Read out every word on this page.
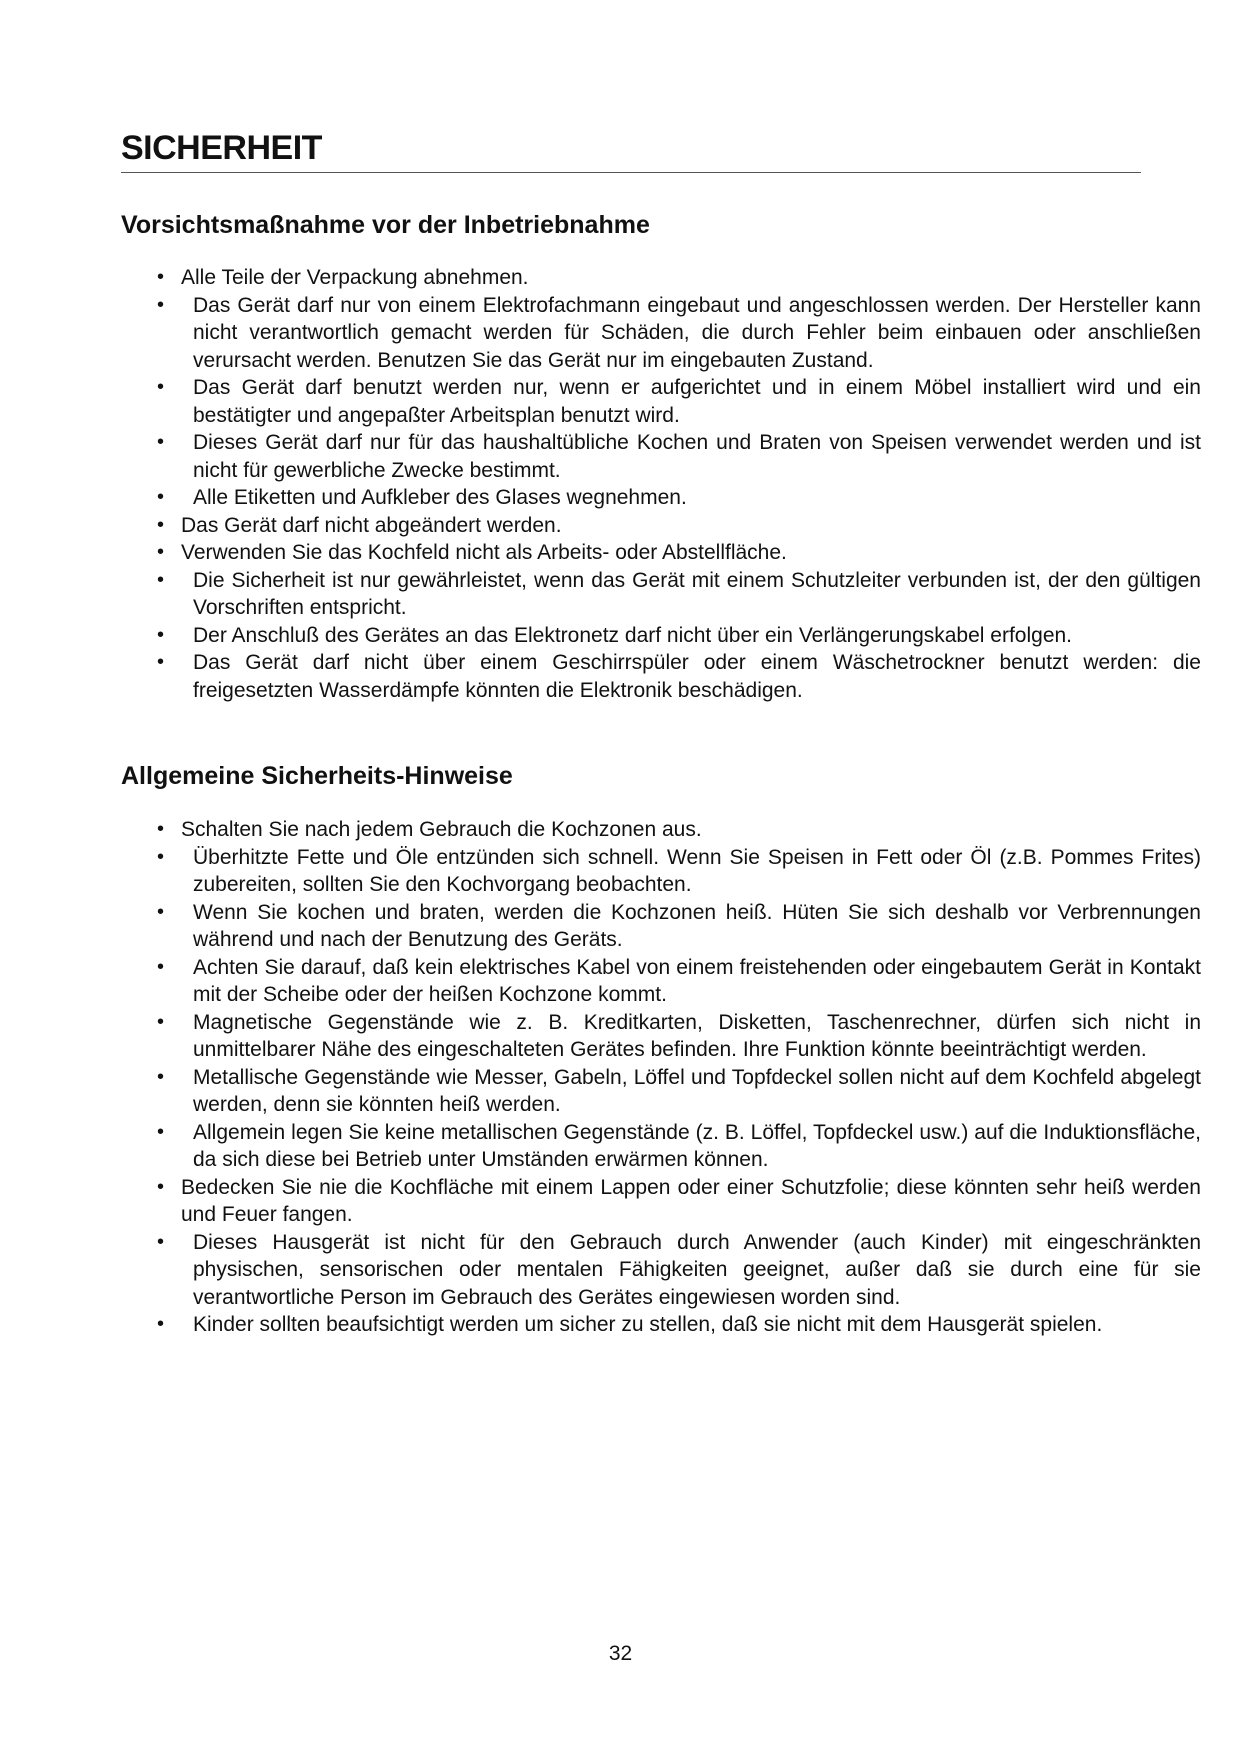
SICHERHEIT
Vorsichtsmaßnahme vor der Inbetriebnahme
• Alle Teile der Verpackung abnehmen.
• Das Gerät darf nur von einem Elektrofachmann eingebaut und angeschlossen werden. Der Hersteller kann nicht verantwortlich gemacht werden für Schäden, die durch Fehler beim einbauen oder anschließen verursacht werden. Benutzen Sie das Gerät nur im eingebauten Zustand.
• Das Gerät darf benutzt werden nur, wenn er aufgerichtet und in einem Möbel installiert wird und ein bestätigter und angepaßter Arbeitsplan benutzt wird.
• Dieses Gerät darf nur für das haushaltübliche Kochen und Braten von Speisen verwendet werden und ist nicht für gewerbliche Zwecke bestimmt.
• Alle Etiketten und Aufkleber des Glases wegnehmen.
• Das Gerät darf nicht abgeändert werden.
• Verwenden Sie das Kochfeld nicht als Arbeits- oder Abstellfläche.
• Die Sicherheit ist nur gewährleistet, wenn das Gerät mit einem Schutzleiter verbunden ist, der den gültigen Vorschriften entspricht.
• Der Anschluß des Gerätes an das Elektronetz darf nicht über ein Verlängerungskabel erfolgen.
• Das Gerät darf nicht über einem Geschirrspüler oder einem Wäschetrockner benutzt werden: die freigesetzten Wasserdämpfe könnten die Elektronik beschädigen.
Allgemeine Sicherheits-Hinweise
• Schalten Sie nach jedem Gebrauch die Kochzonen aus.
• Überhitzte Fette und Öle entzünden sich schnell. Wenn Sie Speisen in Fett oder Öl (z.B. Pommes Frites) zubereiten, sollten Sie den Kochvorgang beobachten.
• Wenn Sie kochen und braten, werden die Kochzonen heiß. Hüten Sie sich deshalb vor Verbrennungen während und nach der Benutzung des Geräts.
• Achten Sie darauf, daß kein elektrisches Kabel von einem freistehenden oder eingebautem Gerät in Kontakt mit der Scheibe oder der heißen Kochzone kommt.
• Magnetische Gegenstände wie z. B. Kreditkarten, Disketten, Taschenrechner, dürfen sich nicht in unmittelbarer Nähe des eingeschalteten Gerätes befinden. Ihre Funktion könnte beeinträchtigt werden.
• Metallische Gegenstände wie Messer, Gabeln, Löffel und Topfdeckel sollen nicht auf dem Kochfeld abgelegt werden, denn sie könnten heiß werden.
• Allgemein legen Sie keine metallischen Gegenstände (z. B. Löffel, Topfdeckel usw.) auf die Induktionsfläche, da sich diese bei Betrieb unter Umständen erwärmen können.
• Bedecken Sie nie die Kochfläche mit einem Lappen oder einer Schutzfolie; diese könnten sehr heiß werden und Feuer fangen.
• Dieses Hausgerät ist nicht für den Gebrauch durch Anwender (auch Kinder) mit eingeschränkten physischen, sensorischen oder mentalen Fähigkeiten geeignet, außer daß sie durch eine für sie verantwortliche Person im Gebrauch des Gerätes eingewiesen worden sind.
• Kinder sollten beaufsichtigt werden um sicher zu stellen, daß sie nicht mit dem Hausgerät spielen.
32
